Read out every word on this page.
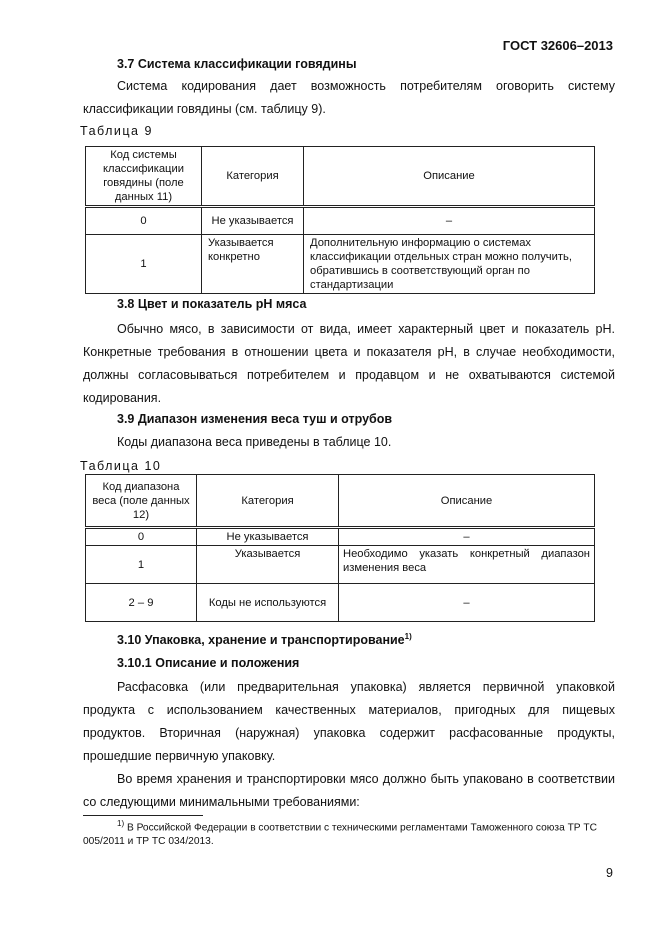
ГОСТ 32606–2013
3.7 Система классификации говядины
Система кодирования дает возможность потребителям оговорить систему классификации говядины (см. таблицу 9).
Таблица 9
Код системы классификации говядины (поле данных 11)	Категория	Описание
0	Не указывается	–
1	Указывается конкретно	Дополнительную информацию о системах классификации отдельных стран можно получить, обратившись в соответствующий орган по стандартизации
3.8 Цвет и показатель pH мяса
Обычно мясо, в зависимости от вида, имеет характерный цвет и показатель pH. Конкретные требования в отношении цвета и показателя pH, в случае необходимости, должны согласовываться потребителем и продавцом и не охватываются системой кодирования.
3.9 Диапазон изменения веса туш и отрубов
Коды диапазона веса приведены в таблице 10.
Таблица 10
Код диапазона веса (поле данных 12)	Категория	Описание
0	Не указывается	–
1	Указывается	Необходимо указать конкретный диапазон изменения веса
2 – 9	Коды не используются	–
3.10 Упаковка, хранение и транспортирование$^{1)}$
3.10.1 Описание и положения
Расфасовка (или предварительная упаковка) является первичной упаковкой продукта с использованием качественных материалов, пригодных для пищевых продуктов. Вторичная (наружная) упаковка содержит расфасованные продукты, прошедшие первичную упаковку.
Во время хранения и транспортировки мясо должно быть упаковано в соответствии со следующими минимальными требованиями:
$^{1)}$ В Российской Федерации в соответствии с техническими регламентами Таможенного союза ТР ТС 005/2011 и ТР ТС 034/2013.
9
